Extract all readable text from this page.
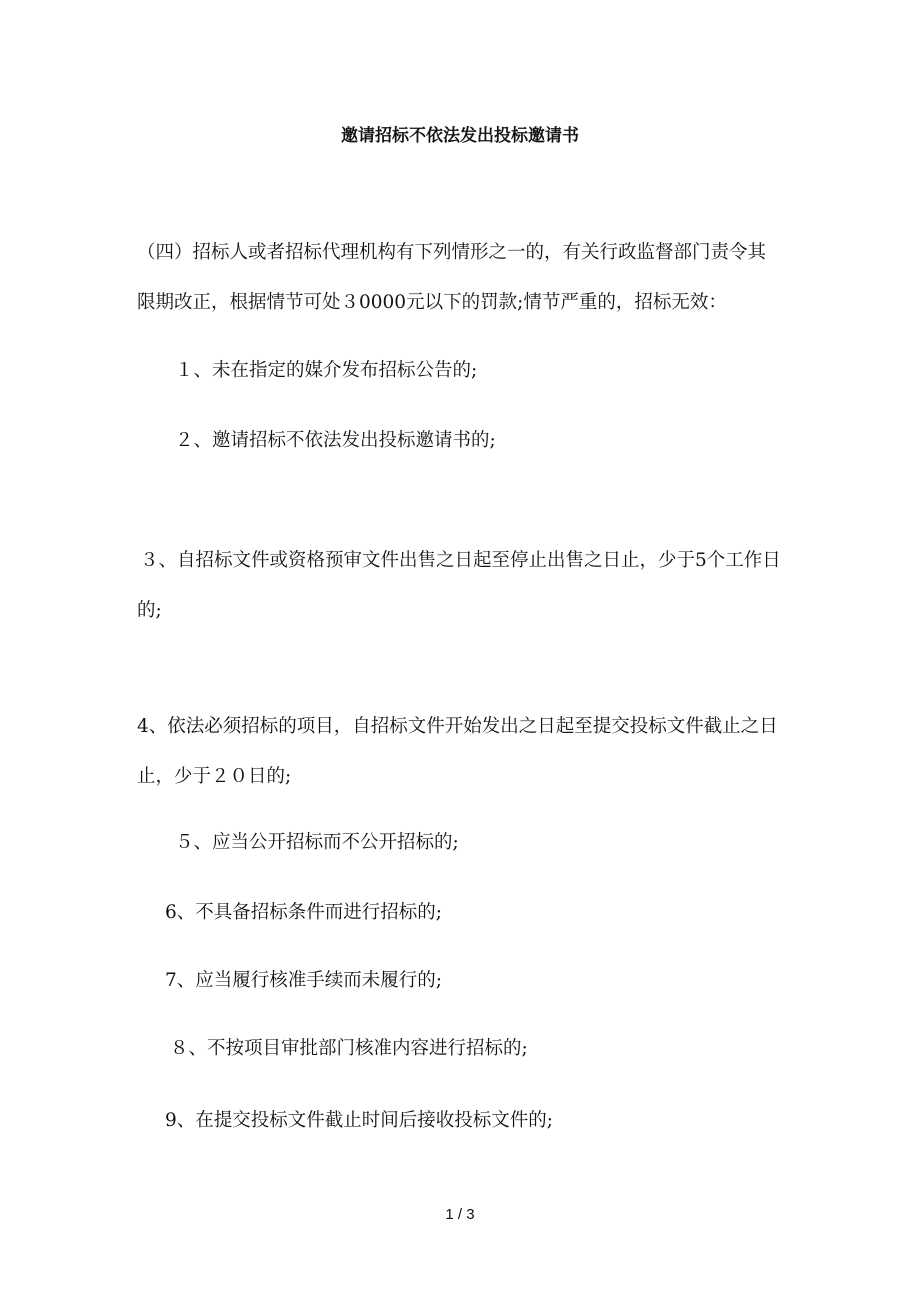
邀请招标不依法发出投标邀请书
（四）招标人或者招标代理机构有下列情形之一的，有关行政监督部门责令其
限期改正，根据情节可处３0000元以下的罚款;情节严重的，招标无效：
１、未在指定的媒介发布招标公告的;
２、邀请招标不依法发出投标邀请书的;
３、自招标文件或资格预审文件出售之日起至停止出售之日止，少于5个工作日
的;
4、依法必须招标的项目，自招标文件开始发出之日起至提交投标文件截止之日
止，少于２０日的;
５、应当公开招标而不公开招标的;
6、不具备招标条件而进行招标的;
7、应当履行核准手续而未履行的;
８、不按项目审批部门核准内容进行招标的;
9、在提交投标文件截止时间后接收投标文件的;
1 / 3
